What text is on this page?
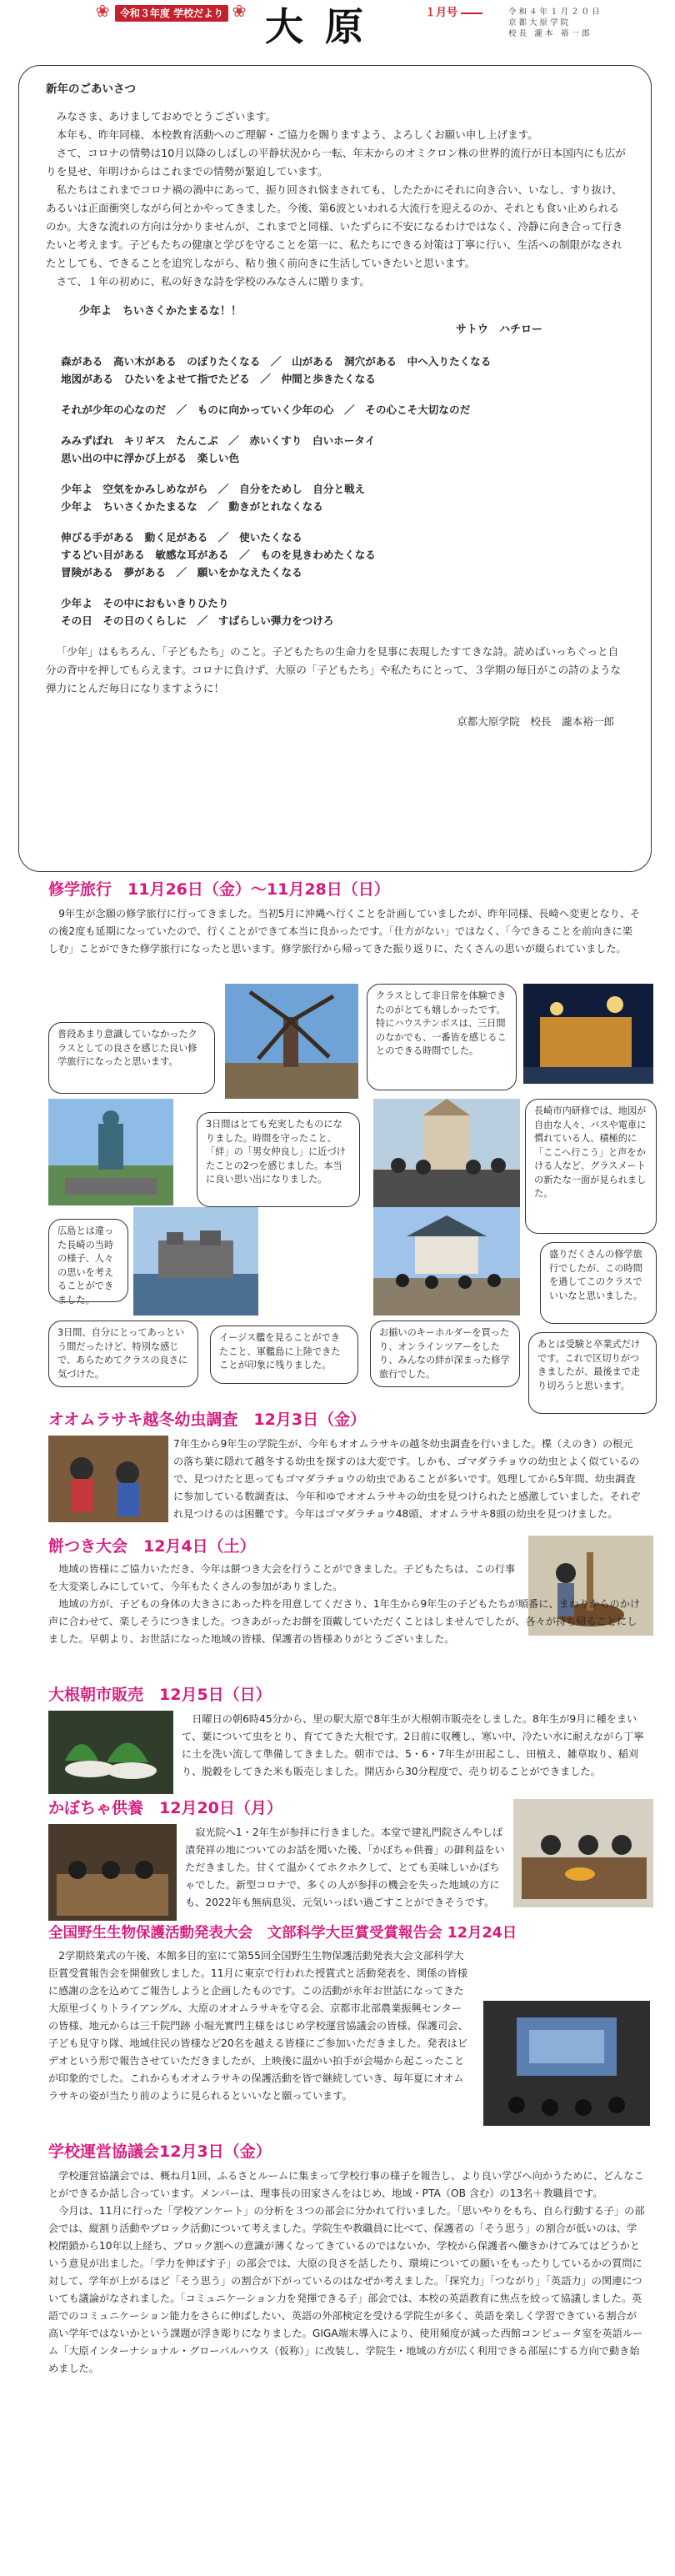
❀	令和３年度 学校だより ❀ 大原	１月号	令 和 ４ 年 １ 月 ２ ０ 日
京 都 大 原 学 院
校 長　瀧 本　裕 一 郎
新年のごあいさつ

みなさま、あけましておめでとうございます。

本年も、昨年同様、本校教育活動へのご理解・ご協力を賜りますよう、よろしくお願い申し上げます。

さて、コロナの情勢は10月以降のしばしの平静状況から一転、年末からのオミクロン株の世界的流行が日本国内にも広がりを見せ、年明けからはこれまでの情勢が緊迫しています。

私たちはこれまでコロナ禍の渦中にあって、振り回され悩まされても、したたかにそれに向き合い、いなし、すり抜け、あるいは正面衝突しながら何とかやってきました。今後、第6波といわれる大流行を迎えるのか、それとも食い止められるのか。大きな流れの方向は分かりませんが、これまでと同様、いたずらに不安になるわけではなく、冷静に向き合って行きたいと考えます。子どもたちの健康と学びを守ることを第一に、私たちにできる対策は丁寧に行い、生活への制限がなされたとしても、できることを追究しながら、粘り強く前向きに生活していきたいと思います。

さて、１年の初めに、私の好きな詩を学校のみなさんに贈ります。

少年よ　ちいさくかたまるな！！
サトウ　ハチロー
森がある　高い木がある　のぼりたくなる　／　山がある　洞穴がある　中へ入りたくなる
地図がある　ひたいをよせて指でたどる　／　仲間と歩きたくなる
それが少年の心なのだ　／　ものに向かっていく少年の心　／　その心こそ大切なのだ
みみずばれ　キリギス　たんこぶ　／　赤いくすり　白いホータイ
思い出の中に浮かび上がる　楽しい色
少年よ　空気をかみしめながら　／　自分をためし　自分と戦え
少年よ　ちいさくかたまるな　／　動きがとれなくなる
伸びる手がある　動く足がある　／　使いたくなる
するどい目がある　敏感な耳がある　／　ものを見きわめたくなる
冒険がある　夢がある　／　願いをかなえたくなる
少年よ　その中におもいきりひたり
その日　その日のくらしに　／　すばらしい弾力をつけろ

「少年」はもちろん、「子どもたち」のこと。子どもたちの生命力を見事に表現したすてきな詩。読めばいっちぐっと自分の背中を押してもらえます。コロナに負けず、大原の「子どもたち」や私たちにとって、３学期の毎日がこの詩のような弾力にとんだ毎日になりますように！

京都大原学院　校長　瀧本裕一郎
修学旅行　11月26日（金）～11月28日（日）

9年生が念願の修学旅行に行ってきました。当初5月に沖縄へ行くことを計画していましたが、昨年同様、長崎へ変更となり、その後2度も延期になっていたので、行くことができて本当に良かったです。「仕方がない」ではなく、「今できることを前向きに楽しむ」ことができた修学旅行になったと思います。修学旅行から帰ってきた振り返りに、たくさんの思いが綴られていました。

クラスとして非日常を体験できたのがとても嬉しかったです。特にハウステンボスは、三日間のなかでも、一番皆を感じることのできる時間でした。
普段あまり意識していなかったクラスとしての良さを感じた良い修学旅行になったと思います。
長崎市内研修では、地図が自由な人々、バスや電車に慣れている人、積極的に「ここへ行こう」と声をかける人など、グラスメートの新たな一面が見られました。
3日間はとても充実したものになりました。時間を守ったこと、「絆」の「男女仲良し」に近づけたことの2つを感じました。本当に良い思い出になりました。
盛りだくさんの修学旅行でしたが、この時間を過してこのクラスでいいなと思いました。
広島とは違った長崎の当時の様子、人々の思いを考えることができました。
3日間、自分にとってあっという間だったけど、特別な感じで、あらためてクラスの良さに気づけた。
イージス艦を見ることができたこと、軍艦島に上陸できたことが印象に残りました。
お揃いのキーホルダーを買ったり、オンラインツアーをしたり、みんなの絆が深まった修学旅行でした。
あとは受験と卒業式だけです。これで区切りがつきましたが、最後まで走り切ろうと思います。
オオムラサキ越冬幼虫調査　12月3日（金）

7年生から9年生の学院生が、今年もオオムラサキの越冬幼虫調査を行いました。楪（えのき）の根元の落ち葉に隠れて越冬する幼虫を探すのは大変です。しかも、ゴマダラチョウの幼虫とよく似ているので、見つけたと思ってもゴマダラチョウの幼虫であることが多いです。処理してから5年間、幼虫調査に参加している数調査は、今年和ゆでオオムラサキの幼虫を見つけられたと感激していました。それぞれ見つけるのは困難です。今年はゴマダラチョウ48頭、オオムラサキ8頭の幼虫を見つけました。

餅つき大会　12月4日（土）

地域の皆様にご協力いただき、今年は餅つき大会を行うことができました。子どもたちは、この行事を大変楽しみにしていて、今年もたくさんの参加がありました。

地域の方が、子どもの身体の大きさにあった杵を用意してくださり、1年生から9年生の子どもたちが順番に、まわりからのかけ声に合わせて、楽しそうにつきました。つきあがったお餅を頂戴していただくことはしませんでしたが、各々が持ち帰ることにしました。早朝より、お世話になった地域の皆様、保護者の皆様ありがとうございました。

大根朝市販売　12月5日（日）

日曜日の朝6時45分から、里の駅大原で8年生が大根朝市販売をしました。8年生が9月に種をまいて、葉について虫をとり、育ててきた大根です。2日前に収穫し、寒い中、冷たい水に耐えながら丁寧に土を洗い流して準備してきました。朝市では、5・6・7年生が田起こし、田植え、雑草取り、稲刈り、脱穀をしてきた米も販売しました。開店から30分程度で、売り切ることができました。

かぼちゃ供養　12月20日（月）

寂光院へ1・2年生が参拝に行きました。本堂で建礼門院さんやしば漬発祥の地についてのお話を聞いた後、「かぼちゃ供養」の御利益をいただきました。甘くて温かくてホクホクして、とても美味しいかぼちゃでした。新型コロナで、多くの人が参拝の機会を失った地域の方にも、2022年も無病息災、元気いっぱい過ごすことができそうです。

全国野生生物保護活動発表大会　文部科学大臣賞受賞報告会 12月24日

2学期終業式の午後、本館多目的室にて第55回全国野生生物保護活動発表大会文部科学大臣賞受賞報告会を開催致しました。11月に東京で行われた授賞式と活動発表を、関係の皆様に感謝の念を込めてご報告しようと企画したものです。この活動が永年お世話になってきた大原里づくりトライアングル、大原のオオムラサキを守る会、京都市北部農業振興センターの皆様、地元からは三千院門跡 小堀光實門主様をはじめ学校運営協議会の皆様、保護司会、子ども見守り隊、地域住民の皆様など20名を越える皆様にご参加いただきました。発表はビデオという形で報告させていただきましたが、上映後に温かい拍手が会場から起こったことが印象的でした。これからもオオムラサキの保護活動を皆で継続していき、毎年夏にオオムラサキの姿が当たり前のように見られるといいなと願っています。

学校運営協議会12月3日（金）

学校運営協議会では、概ね月1回、ふるさとルームに集まって学校行事の様子を報告し、より良い学びへ向かうために、どんなことができるか話し合っています。メンバーは、理事長の田家さんをはじめ、地域・PTA（OB 含む）の13名＋教職員です。

今月は、11月に行った「学校アンケート」の分析を３つの部会に分かれて行いました。「思いやりをもち、自ら行動する子」の部会では、縦割り活動やブロック活動について考えました。学院生や教職員に比べて、保護者の「そう思う」の割合が低いのは、学校閉鎖から10年以上経ち、ブロック割への意識が薄くなってきているのではないか、学校から保護者へ働きかけてみてはどうかという意見が出ました。「学力を伸ばす子」の部会では、大原の良さを話したり、環境についての願いをもったりしているかの質問に対して、学年が上がるほど「そう思う」の割合が下がっているのはなぜか考えました。「探究力」「つながり」「英語力」の関連についても議論がなされました。「コミュニケーション力を発揮できる子」部会では、本校の英語教育に焦点を絞って協議しました。英語でのコミュニケーション能力をさらに伸ばしたい、英語の外部検定を受ける学院生が多く、英語を楽しく学習できている割合が高い学年ではないかという課題が浮き彫りになりました。GIGA端末導入により、使用頻度が減った西館コンピュータ室を英語ルーム「大原インターナショナル・グローバルハウス（仮称）」に改装し、学院生・地域の方が広く利用できる部屋にする方向で動き始めました。
